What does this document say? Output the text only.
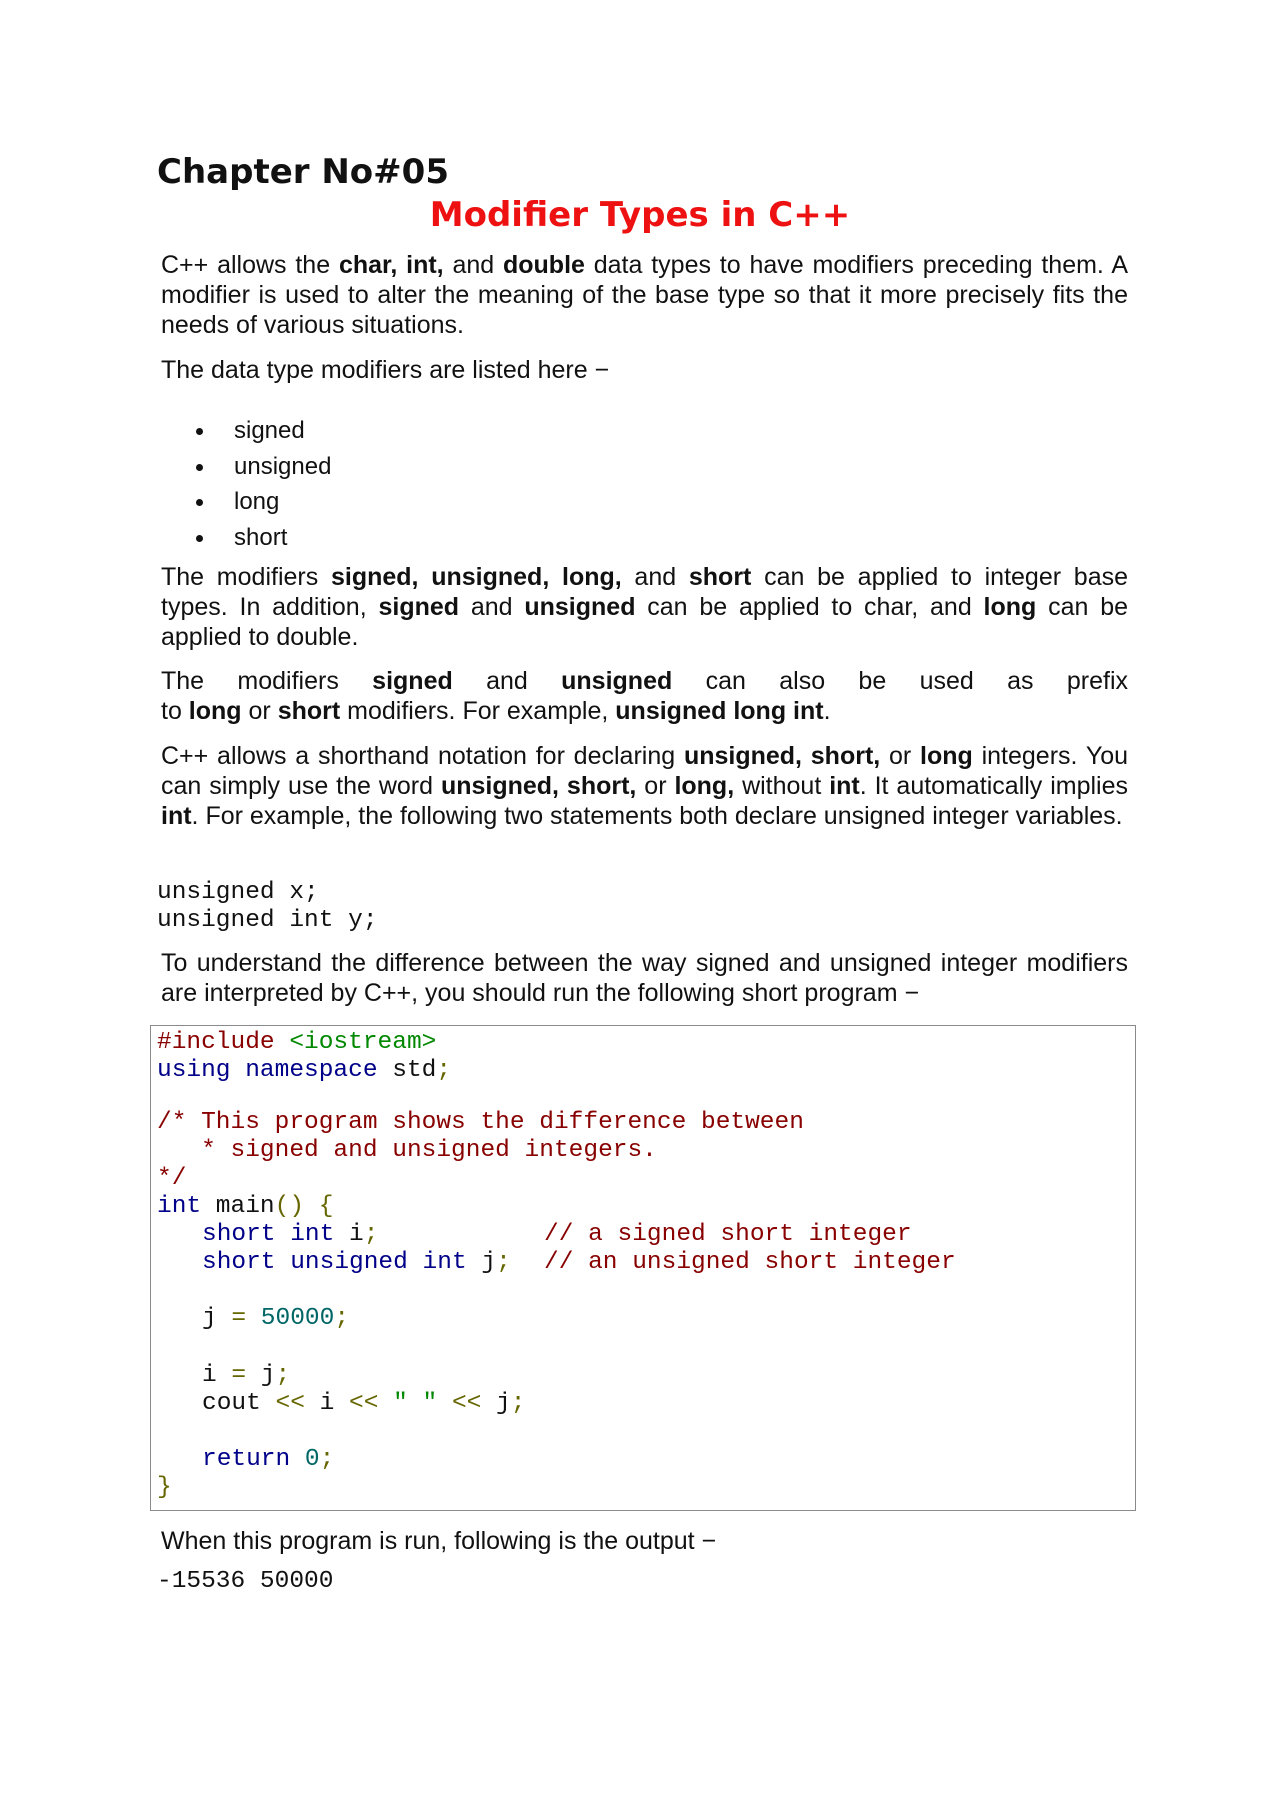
Chapter No#05
Modifier Types in C++

C++ allows the char, int, and double data types to have modifiers preceding them. A modifier is used to alter the meaning of the base type so that it more precisely fits the needs of various situations.

The data type modifiers are listed here −

signed
unsigned
long
short

The modifiers signed, unsigned, long, and short can be applied to integer base types. In addition, signed and unsigned can be applied to char, and long can be applied to double.

The modifiers signed and unsigned can also be used as prefix
to long or short modifiers. For example, unsigned long int.

C++ allows a shorthand notation for declaring unsigned, short, or long integers. You can simply use the word unsigned, short, or long, without int. It automatically implies int. For example, the following two statements both declare unsigned integer variables.

unsigned x;
unsigned int y;

To understand the difference between the way signed and unsigned integer modifiers are interpreted by C++, you should run the following short program −

#include <iostream>
using namespace std;
/* This program shows the difference between
* signed and unsigned integers.
*/
int main() {
short int i;	// a signed short integer
short unsigned int j; // an unsigned short integer
j = 50000;
i = j;
cout << i << " " << j;
return 0;
}

When this program is run, following is the output −

-15536 50000
